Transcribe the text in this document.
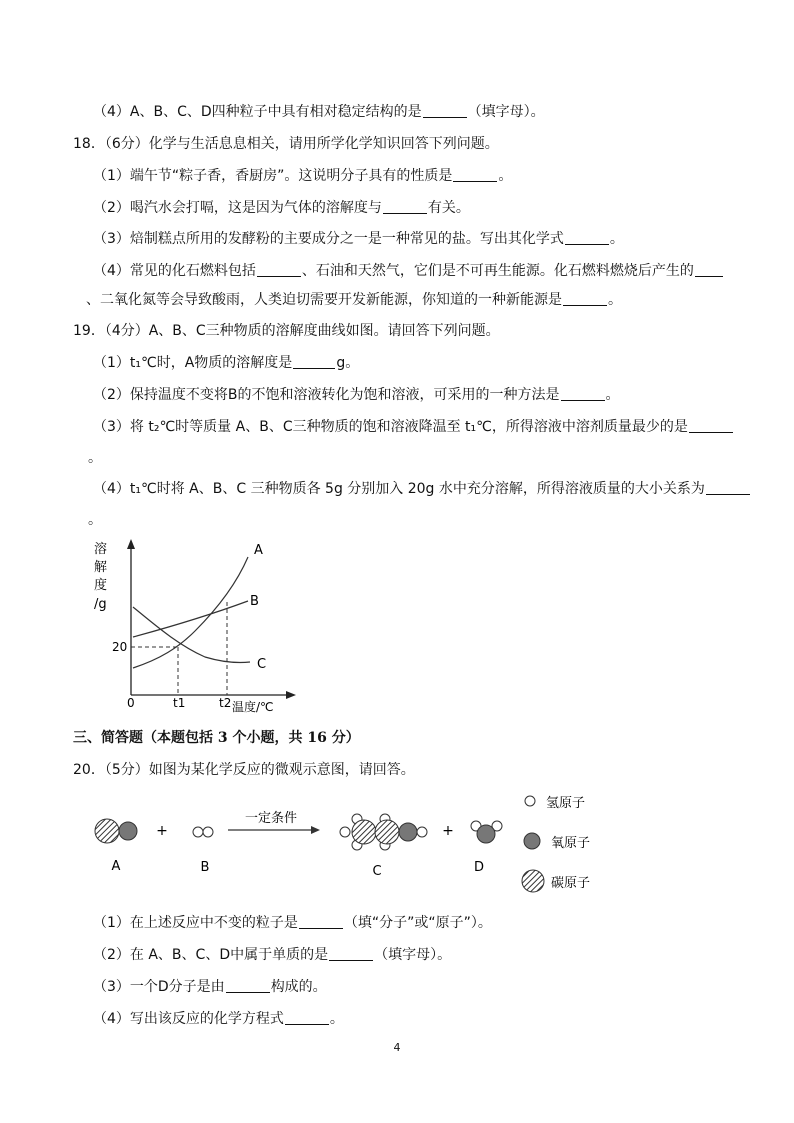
（4）A、B、C、D四种粒子中具有相对稳定结构的是	（填字母）。
18．（6分）化学与生活息息相关，请用所学化学知识回答下列问题。
（1）端午节“粽子香，香厨房”。这说明分子具有的性质是	。
（2）喝汽水会打嗝，这是因为气体的溶解度与	有关。
（3）焙制糕点所用的发酵粉的主要成分之一是一种常见的盐。写出其化学式	。
（4）常见的化石燃料包括	、石油和天然气，它们是不可再生能源。化石燃料燃烧后产生的
、二氧化氮等会导致酸雨，人类迫切需要开发新能源，你知道的一种新能源是	。
19．（4分）A、B、C三种物质的溶解度曲线如图。请回答下列问题。
（1）t₁℃时，A物质的溶解度是	g。
（2）保持温度不变将B的不饱和溶液转化为饱和溶液，可采用的一种方法是	。
（3）将 t₂℃时等质量 A、B、C三种物质的饱和溶液降温至 t₁℃，所得溶液中溶剂质量最少的是
。
（4）t₁℃时将 A、B、C 三种物质各 5g 分别加入 20g 水中充分溶解，所得溶液质量的大小关系为
。
溶
解
度
/g
20
0	t1	t2 温度/℃
A
B
C
三、简答题（本题包括 3 个小题，共 16 分）
20．（5分）如图为某化学反应的微观示意图，请回答。
A
+
B
一定条件
C
+
D
氢原子
氧原子
碳原子
（1）在上述反应中不变的粒子是	（填“分子”或“原子”）。
（2）在 A、B、C、D中属于单质的是	（填字母）。
（3）一个D分子是由	构成的。
（4）写出该反应的化学方程式	。
4
